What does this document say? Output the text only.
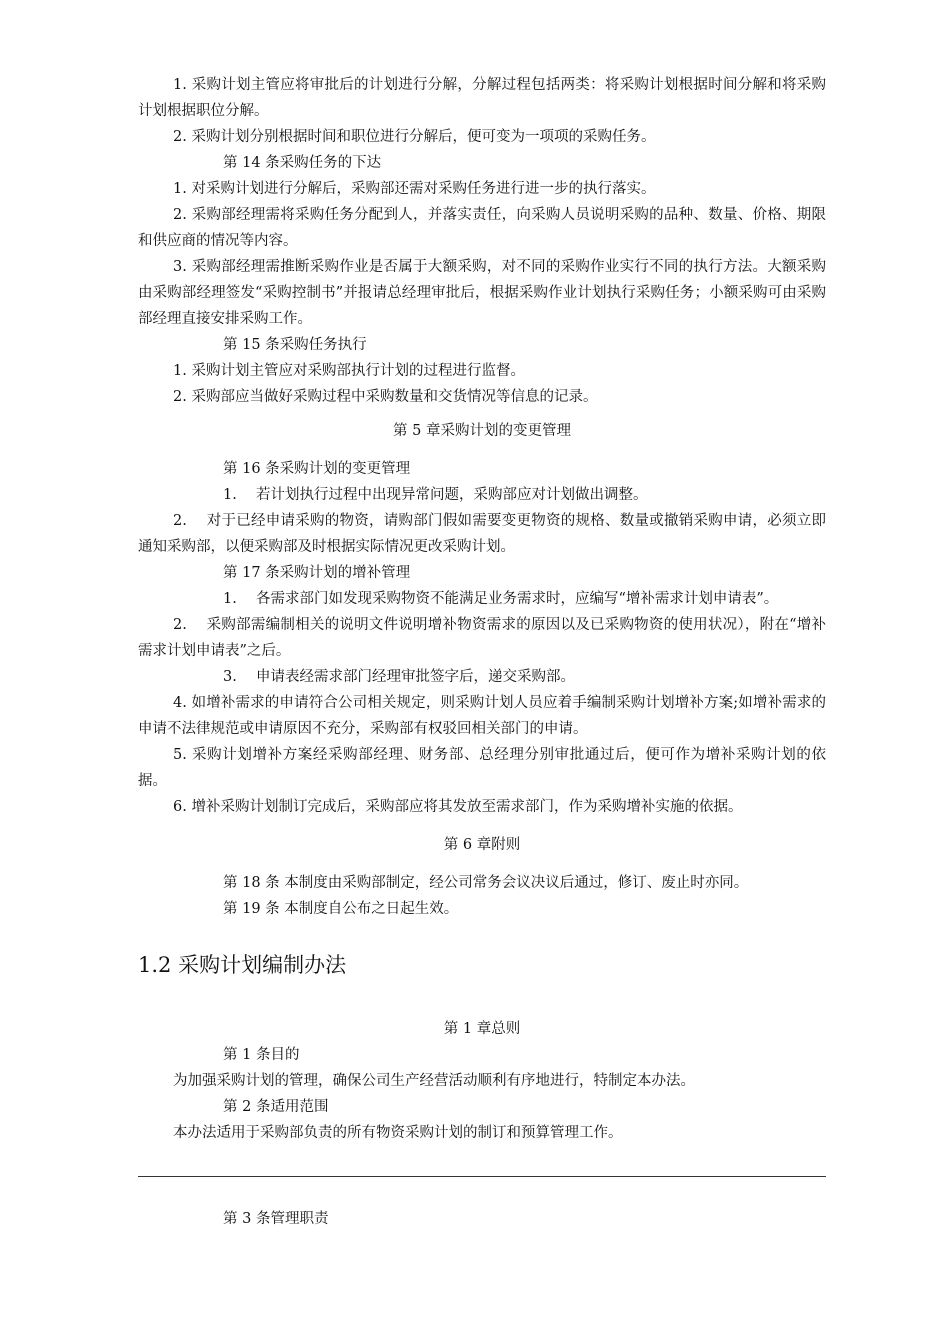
1. 采购计划主管应将审批后的计划进行分解，分解过程包括两类：将采购计划根据时间分解和将采购计划根据职位分解。

2. 采购计划分别根据时间和职位进行分解后，便可变为一项项的采购任务。

第 14 条采购任务的下达

1. 对采购计划进行分解后，采购部还需对采购任务进行进一步的执行落实。

2. 采购部经理需将采购任务分配到人，并落实责任，向采购人员说明采购的品种、数量、价格、期限和供应商的情况等内容。

3. 采购部经理需推断采购作业是否属于大额采购，对不同的采购作业实行不同的执行方法。大额采购由采购部经理签发“采购控制书”并报请总经理审批后，根据采购作业计划执行采购任务；小额采购可由采购部经理直接安排采购工作。

第 15 条采购任务执行

1. 采购计划主管应对采购部执行计划的过程进行监督。

2. 采购部应当做好采购过程中采购数量和交货情况等信息的记录。

第 5 章采购计划的变更管理

第 16 条采购计划的变更管理

1.　 若计划执行过程中出现异常问题，采购部应对计划做出调整。

2.　 对于已经申请采购的物资，请购部门假如需要变更物资的规格、数量或撤销采购申请，必须立即通知采购部，以便采购部及时根据实际情况更改采购计划。

第 17 条采购计划的增补管理

1.　 各需求部门如发现采购物资不能满足业务需求时，应编写“增补需求计划申请表”。

2.　 采购部需编制相关的说明文件说明增补物资需求的原因以及已采购物资的使用状况），附在“增补需求计划申请表”之后。

3.　 申请表经需求部门经理审批签字后，递交采购部。

4. 如增补需求的申请符合公司相关规定，则采购计划人员应着手编制采购计划增补方案;如增补需求的申请不法律规范或申请原因不充分，采购部有权驳回相关部门的申请。

5. 采购计划增补方案经采购部经理、财务部、总经理分别审批通过后，便可作为增补采购计划的依据。

6. 增补采购计划制订完成后，采购部应将其发放至需求部门，作为采购增补实施的依据。

第 6 章附则

第 18 条 本制度由采购部制定，经公司常务会议决议后通过，修订、废止时亦同。

第 19 条 本制度自公布之日起生效。

1.2 采购计划编制办法

第 1 章总则

第 1 条目的

为加强采购计划的管理，确保公司生产经营活动顺利有序地进行，特制定本办法。

第 2 条适用范围

本办法适用于采购部负责的所有物资采购计划的制订和预算管理工作。

第 3 条管理职责
